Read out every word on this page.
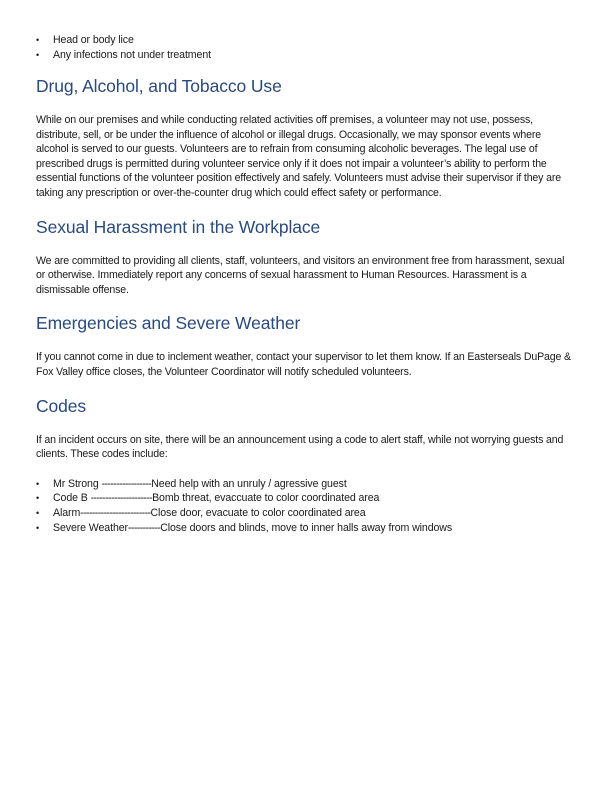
•	Head or body lice
•	Any infections not under treatment
Drug, Alcohol, and Tobacco Use

While on our premises and while conducting related activities off premises, a volunteer may not use, possess, distribute, sell, or be under the influence of alcohol or illegal drugs. Occasionally, we may sponsor events where alcohol is served to our guests. Volunteers are to refrain from consuming alcoholic beverages. The legal use of prescribed drugs is permitted during volunteer service only if it does not impair a volunteer’s ability to perform the essential functions of the volunteer position effectively and safely. Volunteers must advise their supervisor if they are taking any prescription or over-the-counter drug which could effect safety or performance.

Sexual Harassment in the Workplace

We are committed to providing all clients, staff, volunteers, and visitors an environment free from harassment, sexual or otherwise. Immediately report any concerns of sexual harassment to Human Resources. Harassment is a dismissable offense.

Emergencies and Severe Weather

If you cannot come in due to inclement weather, contact your supervisor to let them know. If an Easterseals DuPage & Fox Valley office closes, the Volunteer Coordinator will notify scheduled volunteers.

Codes

If an incident occurs on site, there will be an announcement using a code to alert staff, while not worrying guests and clients. These codes include:

•	Mr Strong -----------------Need help with an unruly / agressive guest
•	Code B ---------------------Bomb threat, evaccuate to color coordinated area
•	Alarm------------------------Close door, evacuate to color coordinated area
•	Severe Weather-----------Close doors and blinds, move to inner halls away from windows
